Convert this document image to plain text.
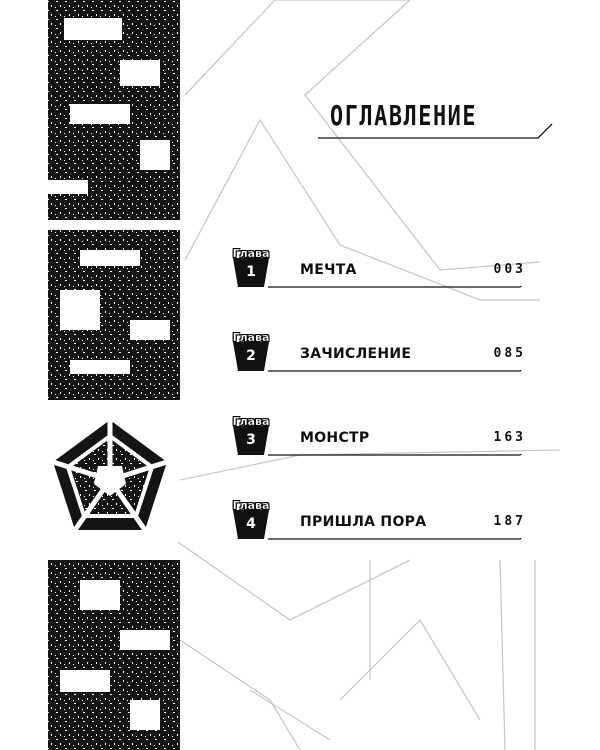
ОГЛАВЛЕНИЕ
Глава
1	МЕЧТА	003
Глава
2	ЗАЧИСЛЕНИЕ	085
Глава
3	МОНСТР	163
Глава
4	ПРИШЛА ПОРА	187
